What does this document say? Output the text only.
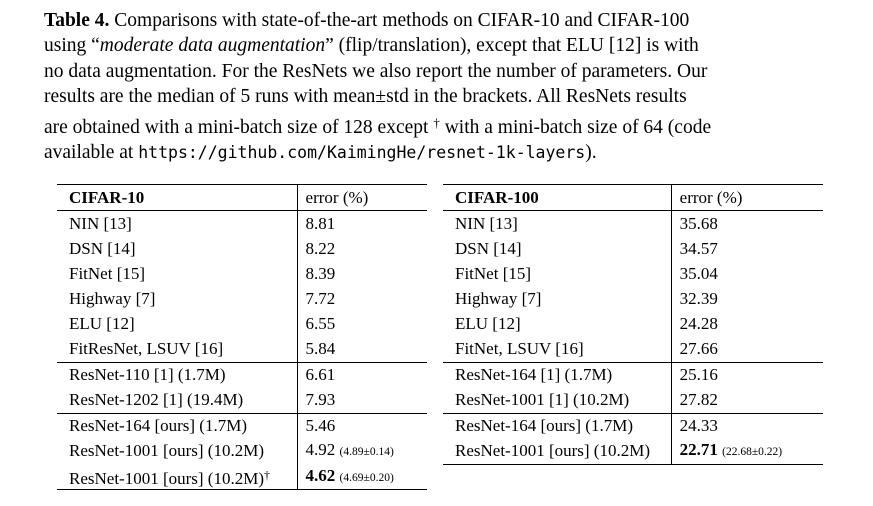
Table 4. Comparisons with state-of-the-art methods on CIFAR-10 and CIFAR-100
using “moderate data augmentation” (flip/translation), except that ELU [12] is with
no data augmentation. For the ResNets we also report the number of parameters. Our
results are the median of 5 runs with mean±std in the brackets. All ResNets results
are obtained with a mini-batch size of 128 except † with a mini-batch size of 64 (code
available at https://github.com/KaimingHe/resnet-1k-layers).
CIFAR-10	error (%)
NIN [13]	8.81
DSN [14]	8.22
FitNet [15]	8.39
Highway [7]	7.72
ELU [12]	6.55
FitResNet, LSUV [16]	5.84
ResNet-110 [1] (1.7M)	6.61
ResNet-1202 [1] (19.4M)	7.93
ResNet-164 [ours] (1.7M)	5.46
ResNet-1001 [ours] (10.2M)	4.92 (4.89±0.14)
ResNet-1001 [ours] (10.2M)†	4.62 (4.69±0.20)
CIFAR-100	error (%)
NIN [13]	35.68
DSN [14]	34.57
FitNet [15]	35.04
Highway [7]	32.39
ELU [12]	24.28
FitNet, LSUV [16]	27.66
ResNet-164 [1] (1.7M)	25.16
ResNet-1001 [1] (10.2M)	27.82
ResNet-164 [ours] (1.7M)	24.33
ResNet-1001 [ours] (10.2M)	22.71 (22.68±0.22)
